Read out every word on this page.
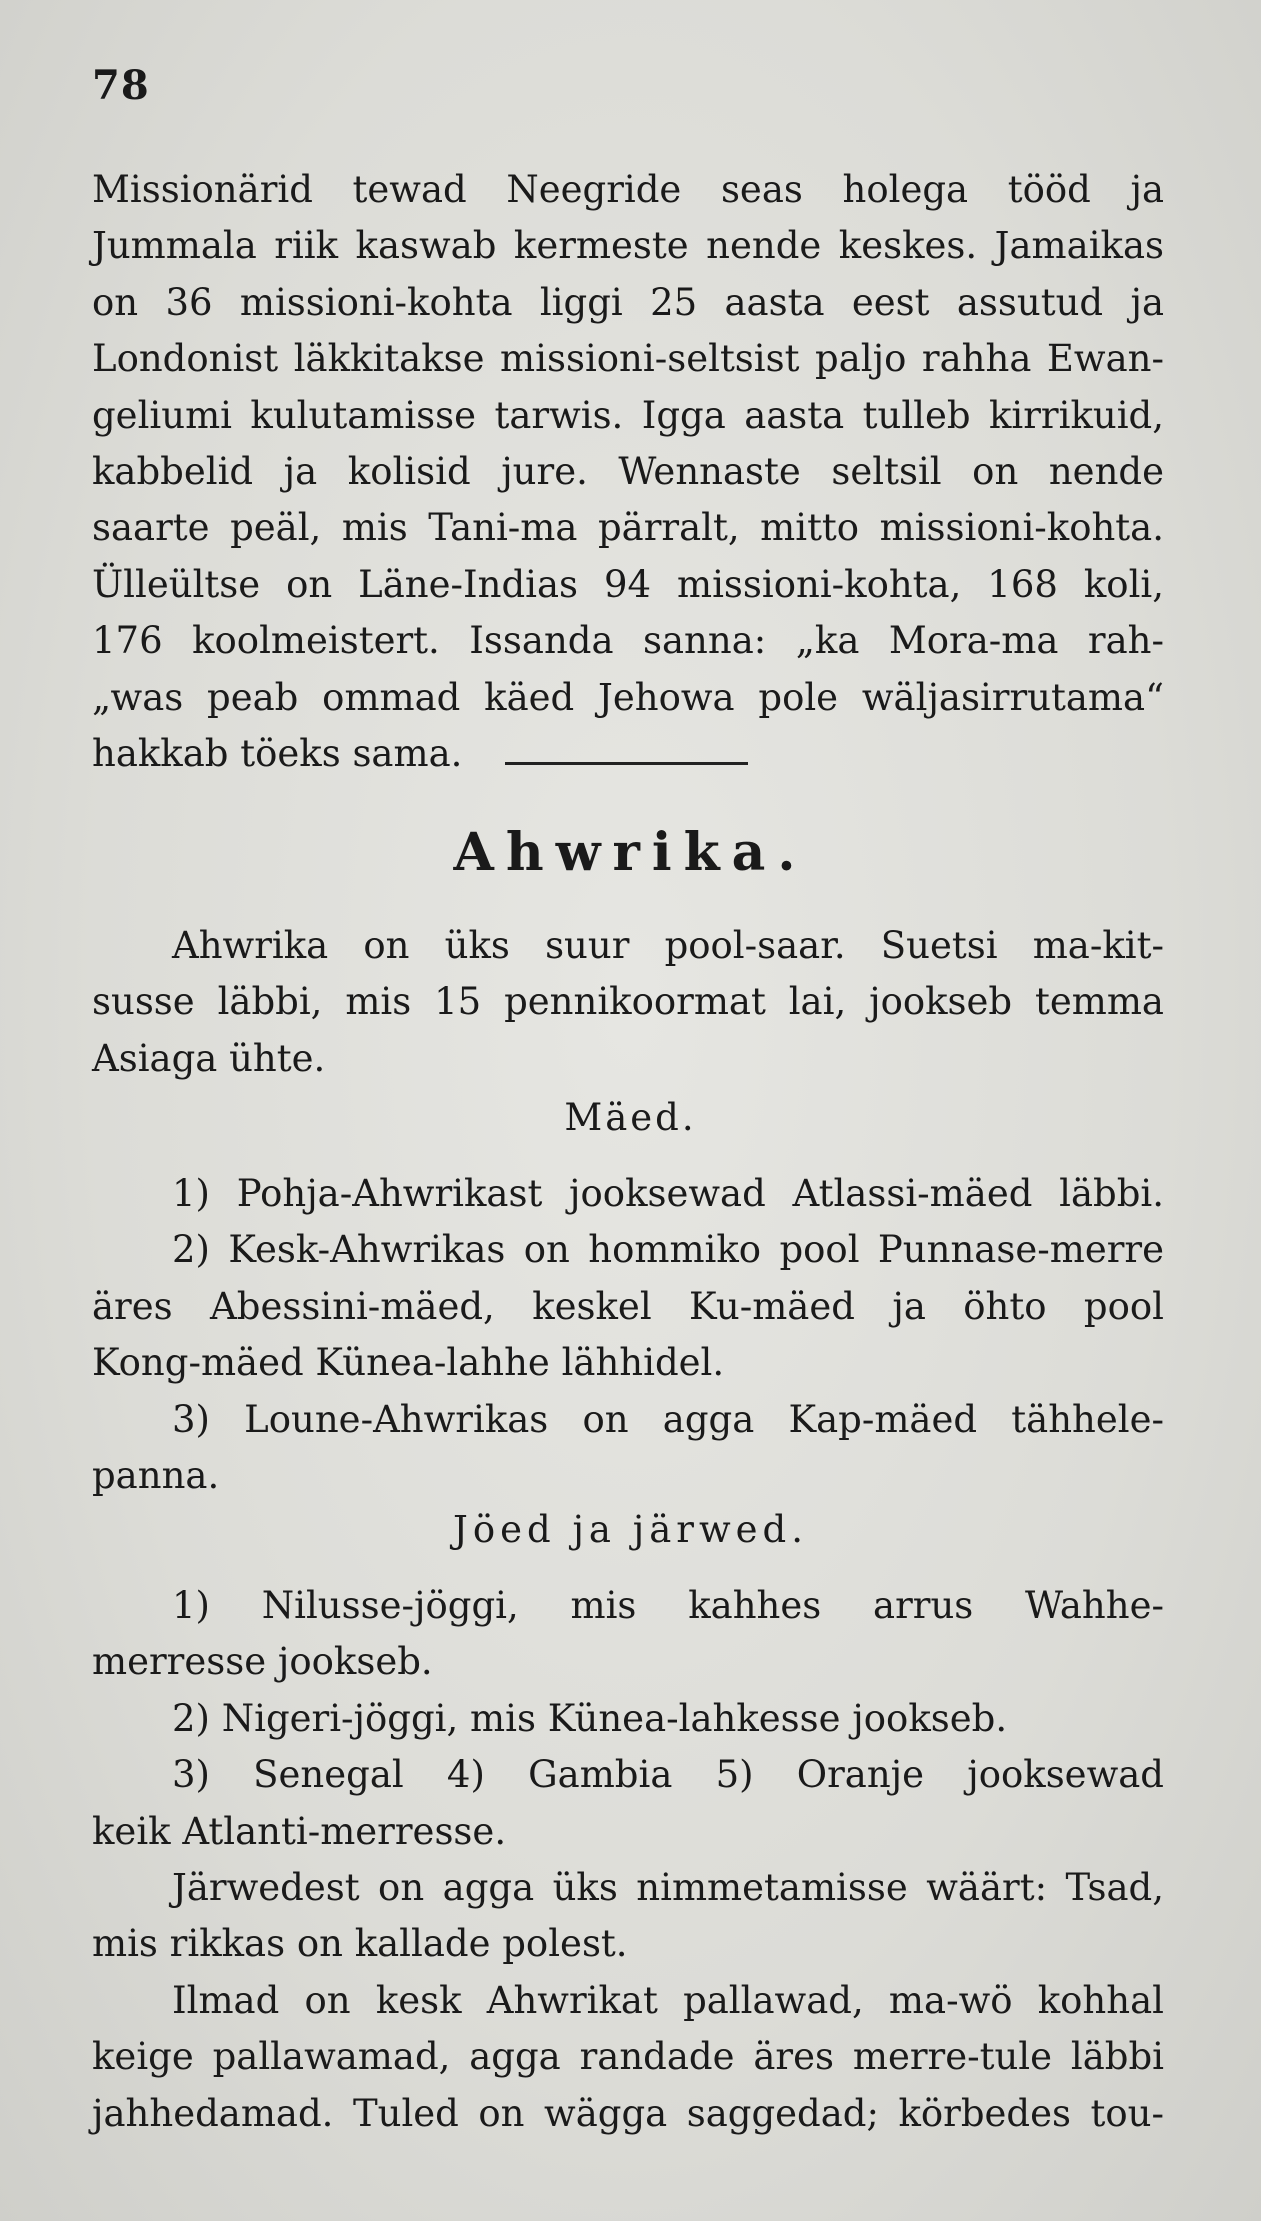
78
Missionärid tewad Neegride seas holega tööd ja
Jummala riik kaswab kermeste nende keskes. Jamaikas
on 36 missioni-kohta liggi 25 aasta eest assutud ja
Londonist läkkitakse missioni-seltsist paljo rahha Ewan-
geliumi kulutamisse tarwis. Igga aasta tulleb kirrikuid,
kabbelid ja kolisid jure. Wennaste seltsil on nende
saarte peäl, mis Tani-ma pärralt, mitto missioni-kohta.
Ülleültse on Läne-Indias 94 missioni-kohta, 168 koli,
176 koolmeistert. Issanda sanna: „ka Mora-ma rah-
„was peab ommad käed Jehowa pole wäljasirrutama“
hakkab töeks sama.
Ahwrika.
Ahwrika on üks suur pool-saar. Suetsi ma-kit-
susse läbbi, mis 15 pennikoormat lai, jookseb temma
Asiaga ühte.
Mäed.
1) Pohja-Ahwrikast jooksewad Atlassi-mäed läbbi.
2) Kesk-Ahwrikas on hommiko pool Punnase-merre
äres Abessini-mäed, keskel Ku-mäed ja öhto pool
Kong-mäed Künea-lahhe lähhidel.
3) Loune-Ahwrikas on agga Kap-mäed tähhele-
panna.
Jöed ja järwed.
1) Nilusse-jöggi, mis kahhes arrus Wahhe-
merresse jookseb.
2) Nigeri-jöggi, mis Künea-lahkesse jookseb.
3) Senegal 4) Gambia 5) Oranje jooksewad
keik Atlanti-merresse.
Järwedest on agga üks nimmetamisse wäärt: Tsad,
mis rikkas on kallade polest.
Ilmad on kesk Ahwrikat pallawad, ma-wö kohhal
keige pallawamad, agga randade äres merre-tule läbbi
jahhedamad. Tuled on wägga saggedad; körbedes tou-
